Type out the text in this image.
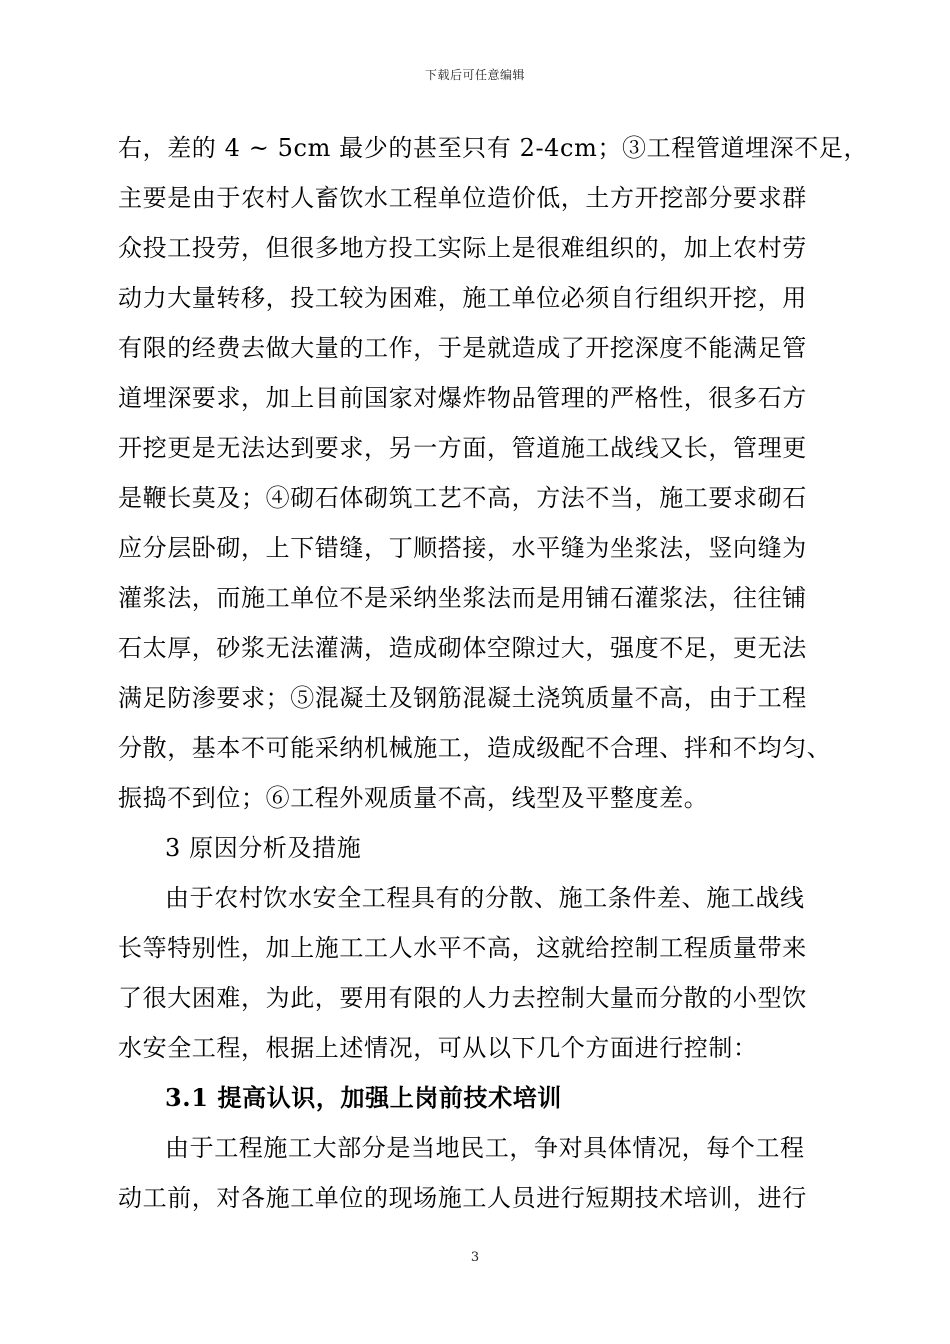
下载后可任意编辑
右，差的 4 ~ 5cm 最少的甚至只有 2-4cm；③工程管道埋深不足，
主要是由于农村人畜饮水工程单位造价低，土方开挖部分要求群
众投工投劳，但很多地方投工实际上是很难组织的，加上农村劳
动力大量转移，投工较为困难，施工单位必须自行组织开挖，用
有限的经费去做大量的工作，于是就造成了开挖深度不能满足管
道埋深要求，加上目前国家对爆炸物品管理的严格性，很多石方
开挖更是无法达到要求，另一方面，管道施工战线又长，管理更
是鞭长莫及；④砌石体砌筑工艺不高，方法不当，施工要求砌石
应分层卧砌，上下错缝，丁顺搭接，水平缝为坐浆法，竖向缝为
灌浆法，而施工单位不是采纳坐浆法而是用铺石灌浆法，往往铺
石太厚，砂浆无法灌满，造成砌体空隙过大，强度不足，更无法
满足防渗要求；⑤混凝土及钢筋混凝土浇筑质量不高，由于工程
分散，基本不可能采纳机械施工，造成级配不合理、拌和不均匀、
振捣不到位；⑥工程外观质量不高，线型及平整度差。
3 原因分析及措施
由于农村饮水安全工程具有的分散、施工条件差、施工战线
长等特别性，加上施工工人水平不高，这就给控制工程质量带来
了很大困难，为此，要用有限的人力去控制大量而分散的小型饮
水安全工程，根据上述情况，可从以下几个方面进行控制：
3.1 提高认识，加强上岗前技术培训
由于工程施工大部分是当地民工，争对具体情况，每个工程
动工前，对各施工单位的现场施工人员进行短期技术培训，进行
3
